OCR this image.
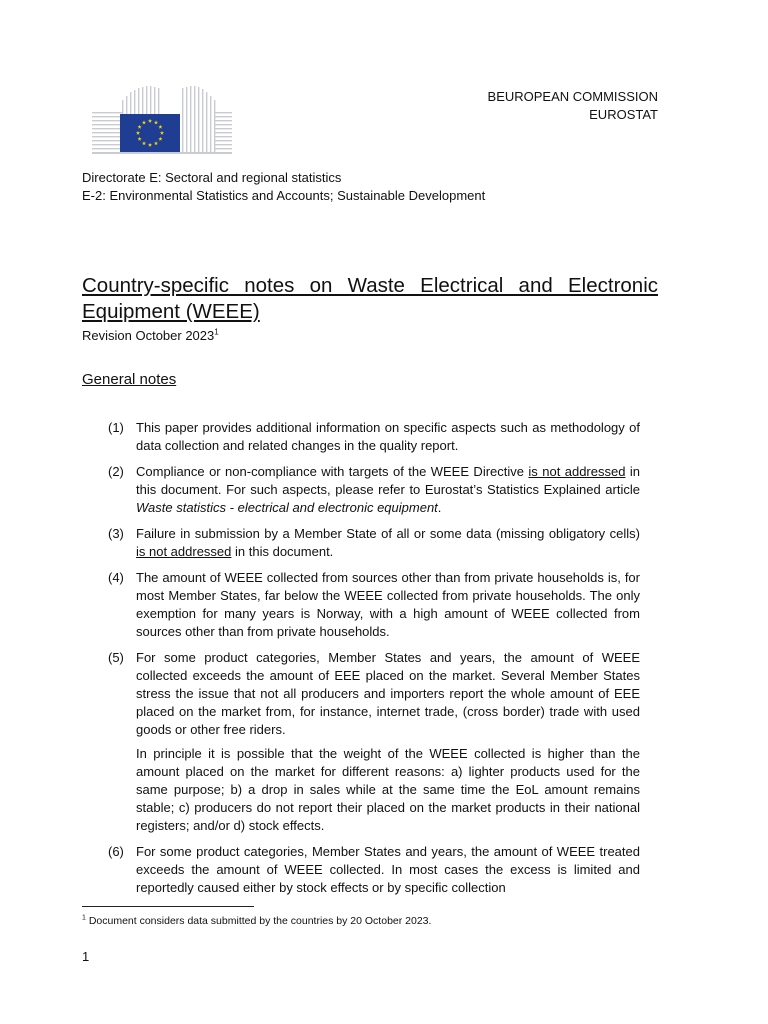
BEUROPEAN COMMISSION
EUROSTAT
Directorate E: Sectoral and regional statistics
E-2: Environmental Statistics and Accounts; Sustainable Development
Country-specific notes on Waste Electrical and Electronic Equipment (WEEE)
Revision October 2023$^1$
General notes
(1) This paper provides additional information on specific aspects such as methodology of data collection and related changes in the quality report.

(2) Compliance or non-compliance with targets of the WEEE Directive is not addressed in this document. For such aspects, please refer to Eurostat’s Statistics Explained article Waste statistics - electrical and electronic equipment.

(3) Failure in submission by a Member State of all or some data (missing obligatory cells) is not addressed in this document.

(4) The amount of WEEE collected from sources other than from private households is, for most Member States, far below the WEEE collected from private households. The only exemption for many years is Norway, with a high amount of WEEE collected from sources other than from private households.

(5) For some product categories, Member States and years, the amount of WEEE collected exceeds the amount of EEE placed on the market. Several Member States stress the issue that not all producers and importers report the whole amount of EEE placed on the market from, for instance, internet trade, (cross border) trade with used goods or other free riders.

In principle it is possible that the weight of the WEEE collected is higher than the amount placed on the market for different reasons: a) lighter products used for the same purpose; b) a drop in sales while at the same time the EoL amount remains stable; c) producers do not report their placed on the market products in their national registers; and/or d) stock effects.

(6) For some product categories, Member States and years, the amount of WEEE treated exceeds the amount of WEEE collected. In most cases the excess is limited and reportedly caused either by stock effects or by specific collection

$^1$ Document considers data submitted by the countries by 20 October 2023.
1
